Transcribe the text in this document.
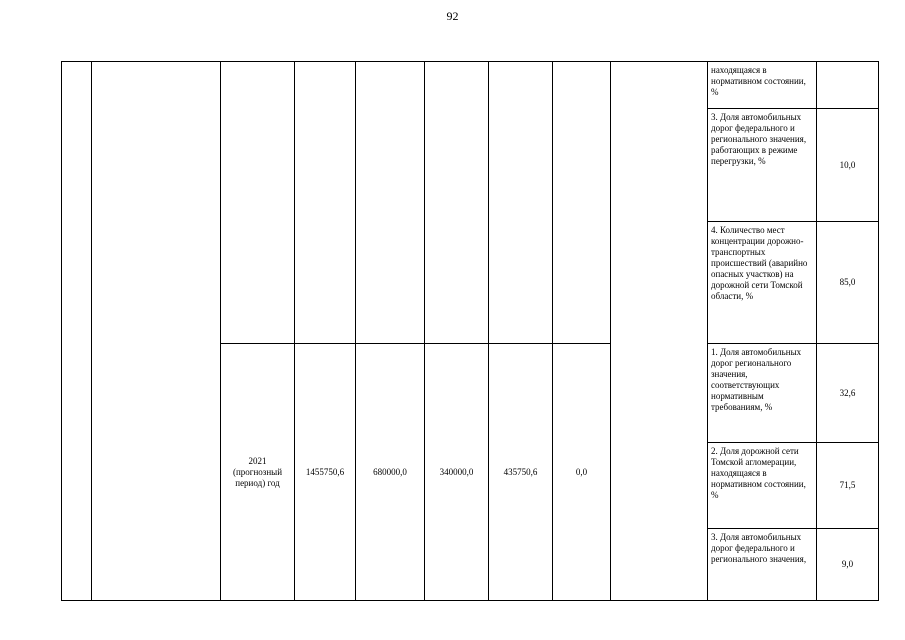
92
									находящаяся в нормативном состоянии, %	
									3. Доля автомобильных дорог федерального и регионального значения, работающих в режиме перегрузки, %	10,0
									4. Количество мест концентрации дорожно-транспортных происшествий (аварийно опасных участков) на дорожной сети Томской области, %	85,0
		2021 (прогнозный период) год	1455750,6	680000,0	340000,0	435750,6	0,0		1. Доля автомобильных дорог регионального значения, соответствующих нормативным требованиям, %	32,6
									2. Доля дорожной сети Томской агломерации, находящаяся в нормативном состоянии, %	71,5
									3. Доля автомобильных дорог федерального и регионального значения,	9,0
